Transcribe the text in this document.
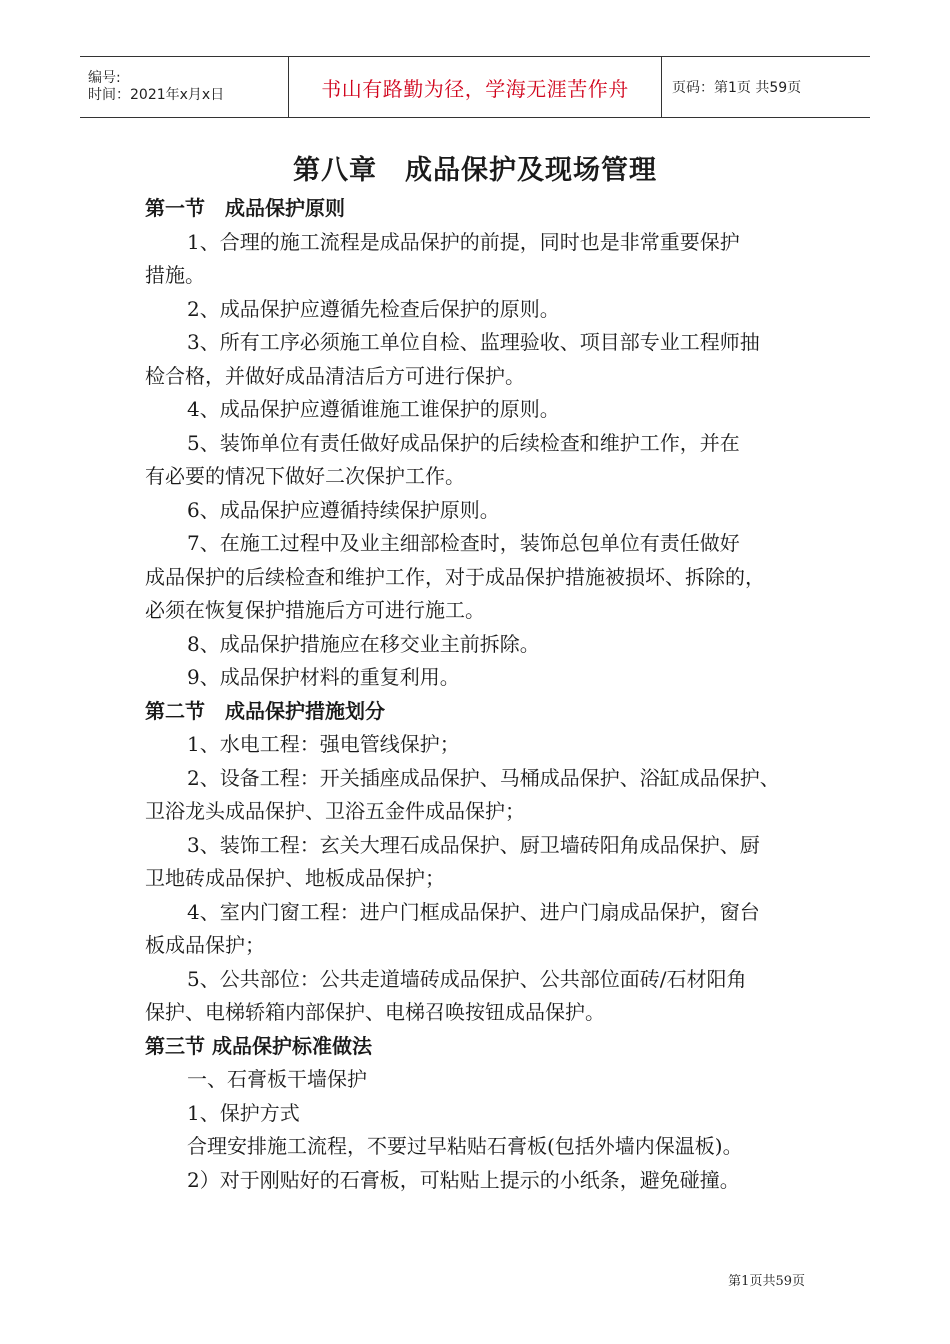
编号:
时间：2021年x月x日	书山有路勤为径，学海无涯苦作舟	页码：第1页 共59页
第八章　成品保护及现场管理
第一节　成品保护原则
1、合理的施工流程是成品保护的前提，同时也是非常重要保护
措施。
2、成品保护应遵循先检查后保护的原则。
3、所有工序必须施工单位自检、监理验收、项目部专业工程师抽
检合格，并做好成品清洁后方可进行保护。
4、成品保护应遵循谁施工谁保护的原则。
5、装饰单位有责任做好成品保护的后续检查和维护工作，并在
有必要的情况下做好二次保护工作。
6、成品保护应遵循持续保护原则。
7、在施工过程中及业主细部检查时，装饰总包单位有责任做好
成品保护的后续检查和维护工作，对于成品保护措施被损坏、拆除的，
必须在恢复保护措施后方可进行施工。
8、成品保护措施应在移交业主前拆除。
9、成品保护材料的重复利用。
第二节　成品保护措施划分
1、水电工程：强电管线保护；
2、设备工程：开关插座成品保护、马桶成品保护、浴缸成品保护、
卫浴龙头成品保护、卫浴五金件成品保护；
3、装饰工程：玄关大理石成品保护、厨卫墙砖阳角成品保护、厨
卫地砖成品保护、地板成品保护；
4、室内门窗工程：进户门框成品保护、进户门扇成品保护，窗台
板成品保护；
5、公共部位：公共走道墙砖成品保护、公共部位面砖/石材阳角
保护、电梯轿箱内部保护、电梯召唤按钮成品保护。
第三节 成品保护标准做法
一、石膏板干墙保护
1、保护方式
合理安排施工流程，不要过早粘贴石膏板(包括外墙内保温板)。
2）对于刚贴好的石膏板，可粘贴上提示的小纸条，避免碰撞。
第1页共59页
